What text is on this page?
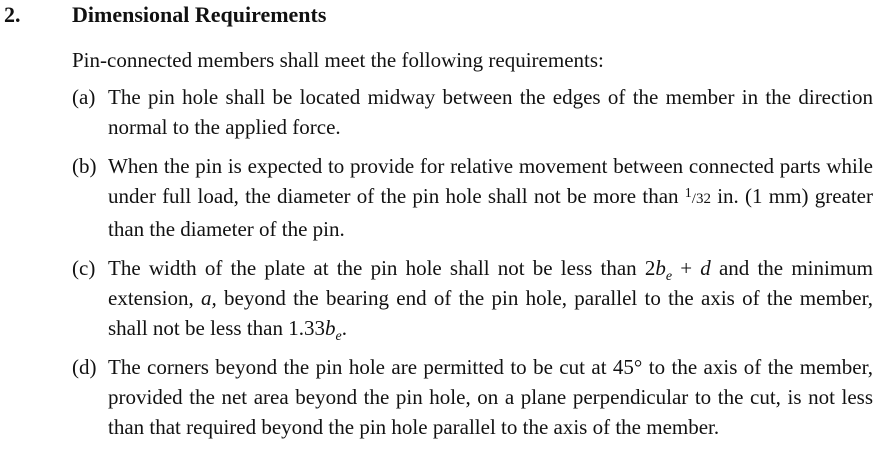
2. Dimensional Requirements
Pin-connected members shall meet the following requirements:
(a) The pin hole shall be located midway between the edges of the member in the direction normal to the applied force.
(b) When the pin is expected to provide for relative movement between connected parts while under full load, the diameter of the pin hole shall not be more than $^1$/32 in. (1 mm) greater than the diameter of the pin.
(c) The width of the plate at the pin hole shall not be less than $2b_e + d$ and the minimum extension, a, beyond the bearing end of the pin hole, parallel to the axis of the member, shall not be less than $1.33b_e$.
(d) The corners beyond the pin hole are permitted to be cut at 45° to the axis of the member, provided the net area beyond the pin hole, on a plane perpendicular to the cut, is not less than that required beyond the pin hole parallel to the axis of the member.
